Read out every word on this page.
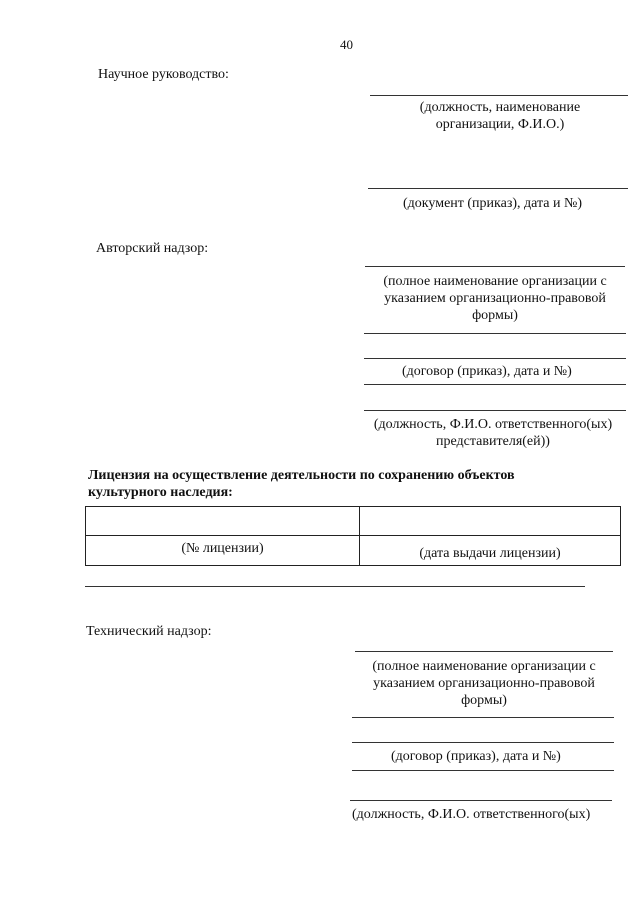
40
Научное руководство:
(должность, наименование организации, Ф.И.О.)
(документ (приказ), дата и №)
Авторский надзор:
(полное наименование организации с указанием организационно-правовой формы)
(договор (приказ), дата и №)
(должность, Ф.И.О. ответственного(ых) представителя(ей))
Лицензия на осуществление деятельности по сохранению объектов
культурного наследия:
(№ лицензии)	(дата выдачи лицензии)
Технический надзор:
(полное наименование организации с указанием организационно-правовой формы)
(договор (приказ), дата и №)
(должность, Ф.И.О. ответственного(ых)
